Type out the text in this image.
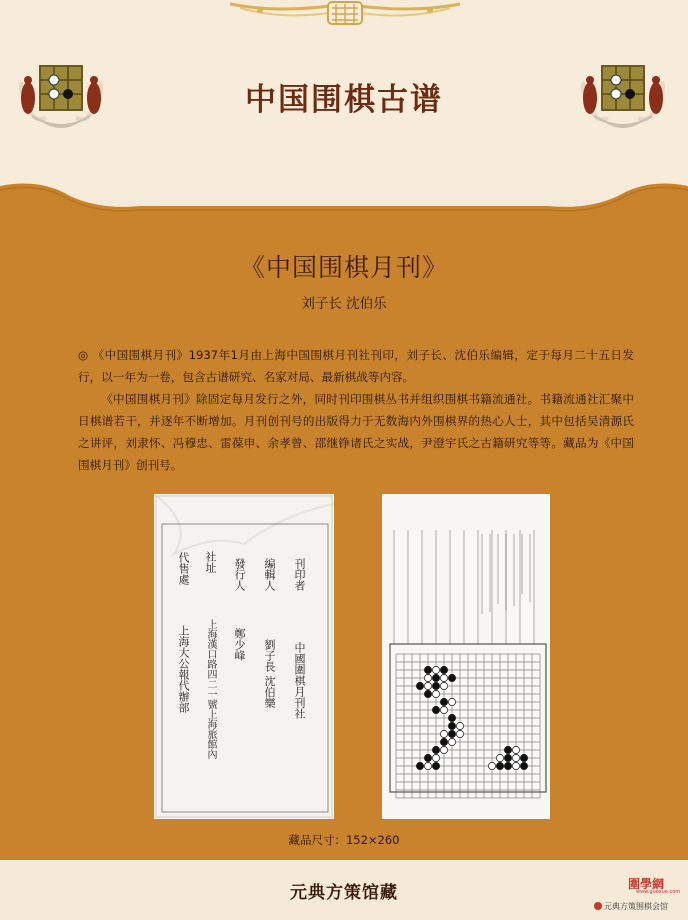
中国围棋古谱
《中国围棋月刊》
刘子长 沈伯乐

◎ 《中国围棋月刊》1937年1月由上海中国围棋月刊社刊印，刘子长、沈伯乐编辑，定于每月二十五日发行，以一年为一卷，包含古谱研究、名家对局、最新棋战等内容。

《中国围棋月刊》除固定每月发行之外，同时刊印围棋丛书并组织围棋书籍流通社。书籍流通社汇聚中日棋谱若干，并逐年不断增加。月刊创刊号的出版得力于无数海内外围棋界的热心人士，其中包括吴清源氏之讲评，刘隶怀、冯穆忠、雷葆申、余孝曾、邵继铮诸氏之实战，尹澄宇氏之古籍研究等等。藏品为《中国围棋月刊》创刊号。

刊印者
中國圍棋月刊社
編輯人
劉子長 沈伯樂
發行人
鄭少峰
社址
上海漢口路四二一號上海旅館內
代售處
上海大公報代辦部
藏品尺寸：152×260
元典方策馆藏	圍學網
www.guoxue.com
元典方策围棋会馆
